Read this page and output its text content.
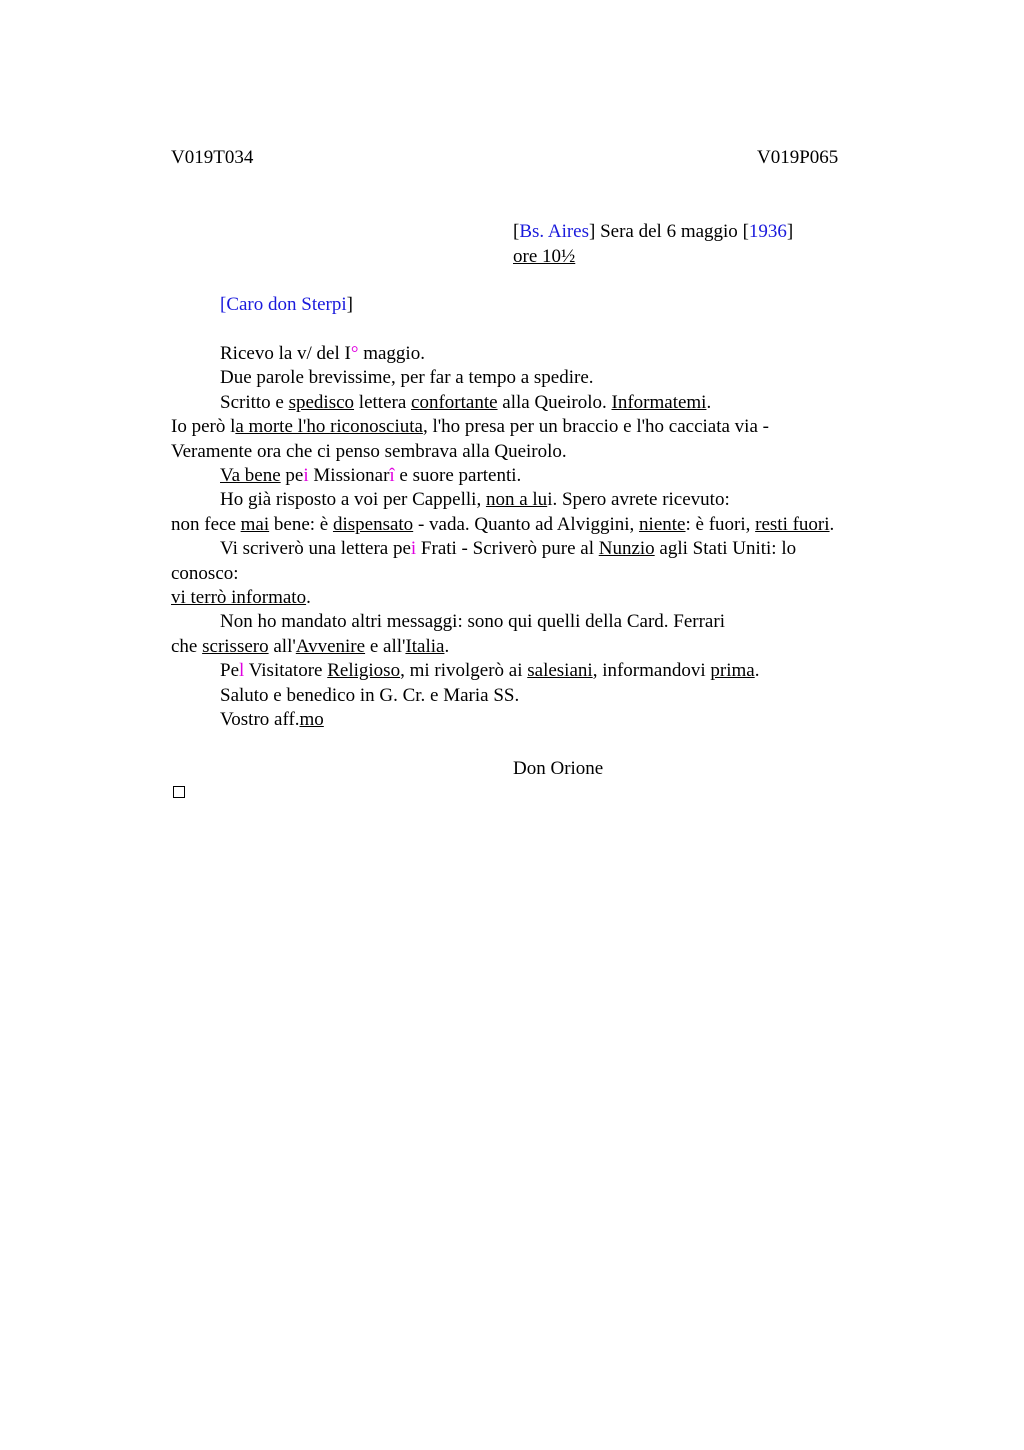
V019T034	V019P065
[Bs. Aires] Sera del 6 maggio [1936]
ore 10½
[Caro don Sterpi]
Ricevo la v/ del I° maggio.
Due parole brevissime, per far a tempo a spedire.
Scritto e spedisco lettera confortante alla Queirolo. Informatemi.
Io però la morte l'ho riconosciuta, l'ho presa per un braccio e l'ho cacciata via -
Veramente ora che ci penso sembrava alla Queirolo.
Va bene pei Missionarî e suore partenti.
Ho già risposto a voi per Cappelli, non a lui. Spero avrete ricevuto:
non fece mai bene: è dispensato - vada. Quanto ad Alviggini, niente: è fuori, resti fuori.
Vi scriverò una lettera pei Frati - Scriverò pure al Nunzio agli Stati Uniti: lo
conosco:
vi terrò informato.
Non ho mandato altri messaggi: sono qui quelli della Card. Ferrari
che scrissero all'Avvenire e all'Italia.
Pel Visitatore Religioso, mi rivolgerò ai salesiani, informandovi prima.
Saluto e benedico in G. Cr. e Maria SS.
Vostro aff.mo
Don Orione
